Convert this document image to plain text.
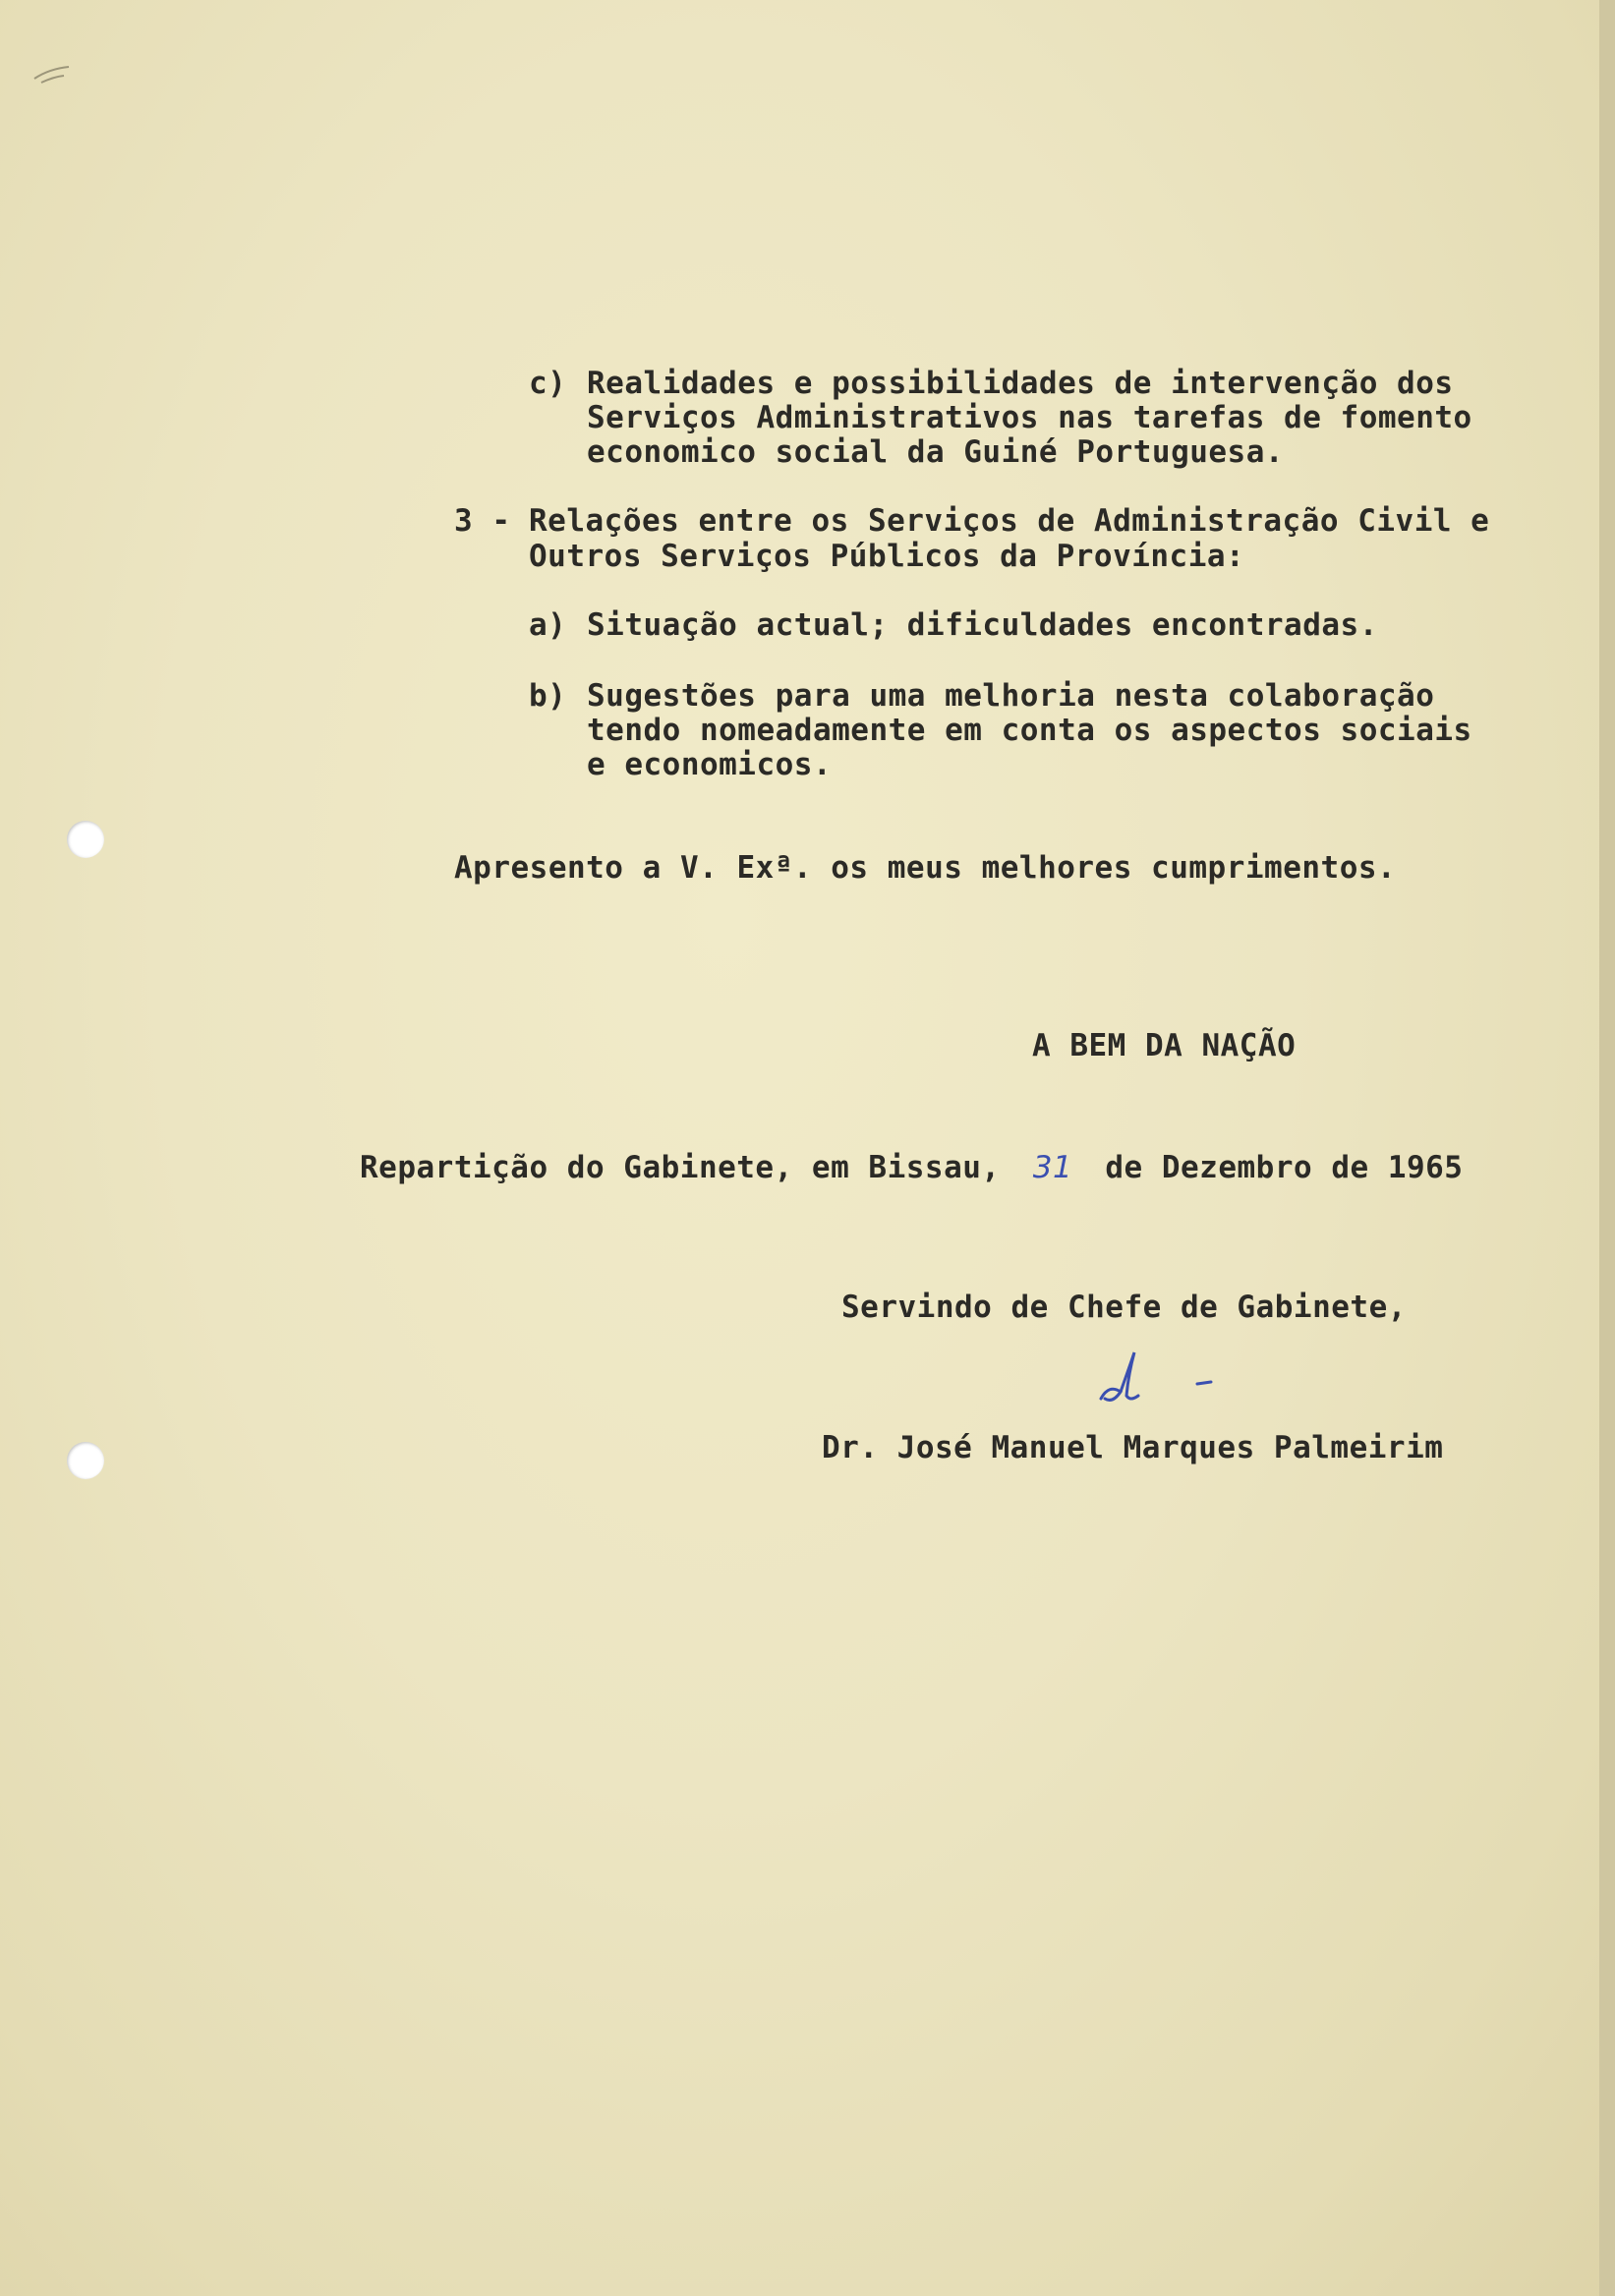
c) Realidades e possibilidades de intervenção dos
Serviços Administrativos nas tarefas de fomento
economico social da Guiné Portuguesa.
3 - Relações entre os Serviços de Administração Civil e
Outros Serviços Públicos da Província:
a) Situação actual; dificuldades encontradas.
b) Sugestões para uma melhoria nesta colaboração
tendo nomeadamente em conta os aspectos sociais
e economicos.
Apresento a V. Exª. os meus melhores cumprimentos.
A BEM DA NAÇÃO
Repartição do Gabinete, em Bissau, 31 de Dezembro de 1965
Servindo de Chefe de Gabinete,
Dr. José Manuel Marques Palmeirim
